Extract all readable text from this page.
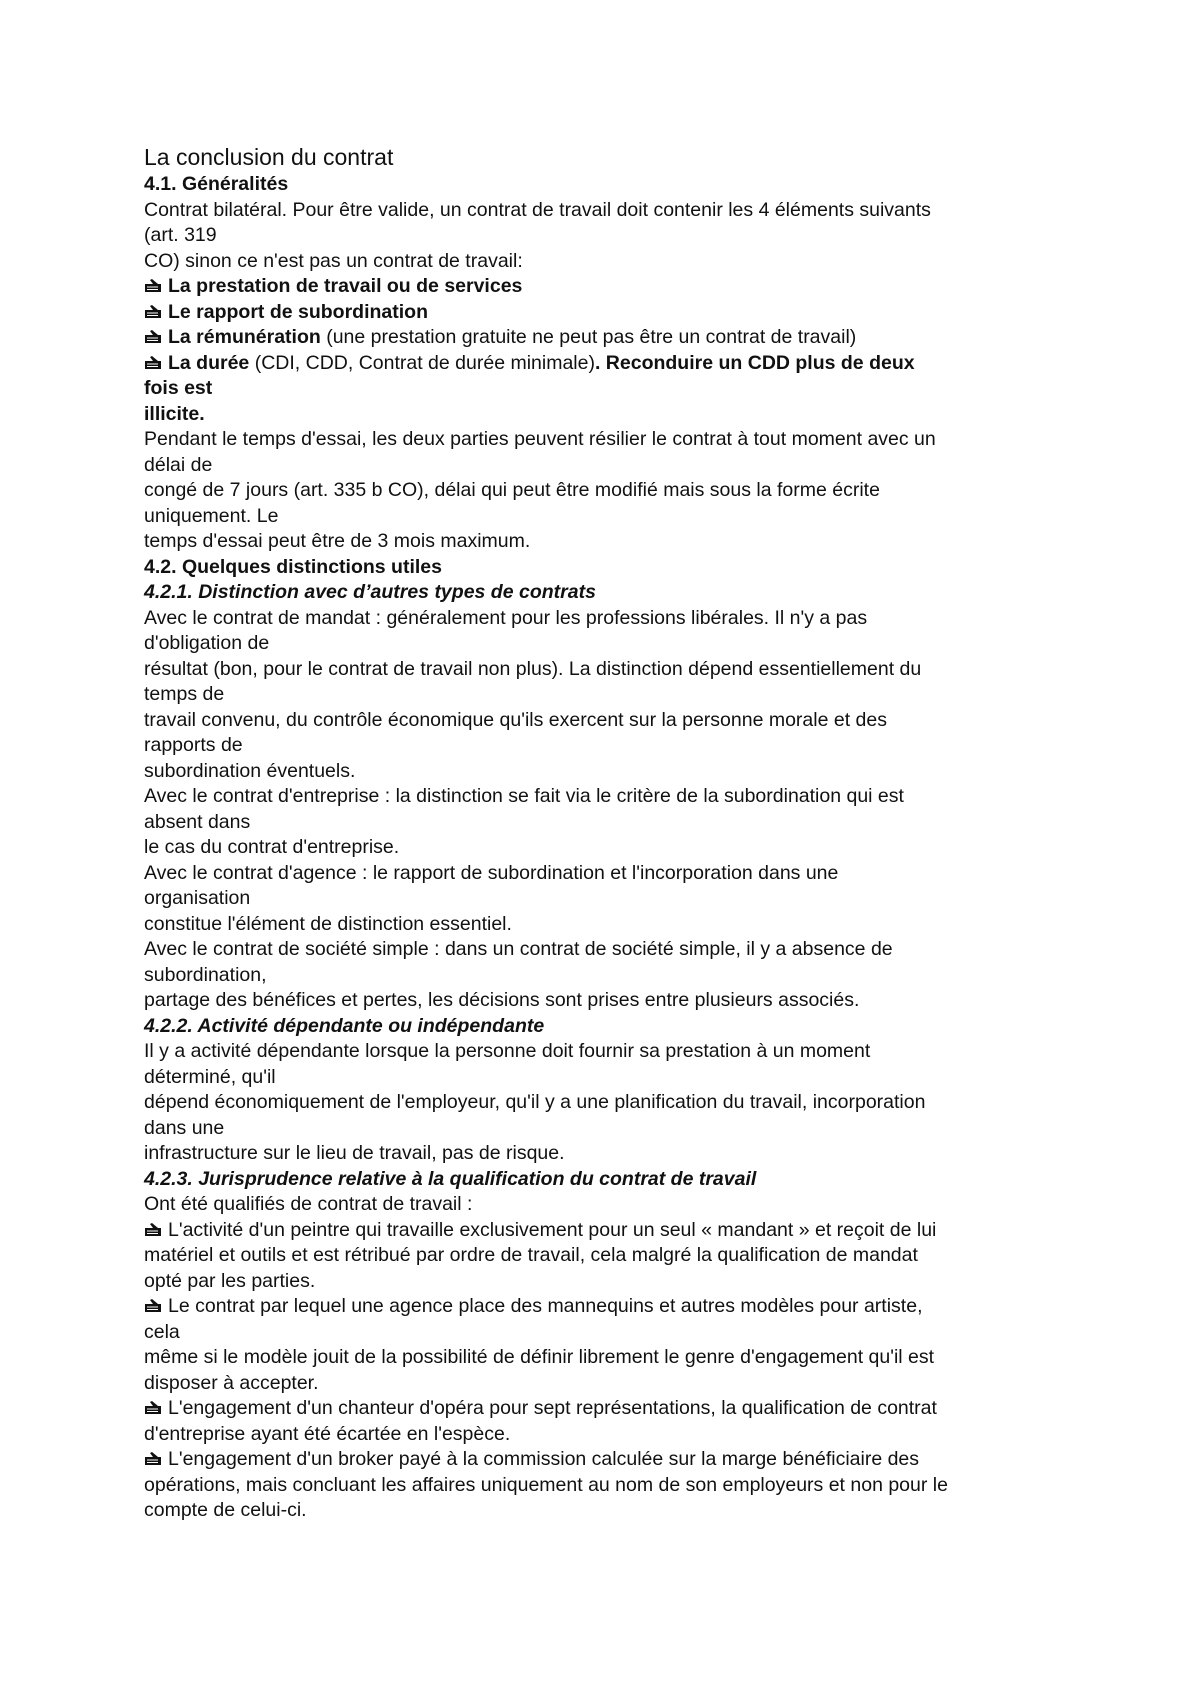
La conclusion du contrat
4.1. Généralités
Contrat bilatéral. Pour être valide, un contrat de travail doit contenir les 4 éléments suivants
(art. 319
CO) sinon ce n'est pas un contrat de travail:
La prestation de travail ou de services
Le rapport de subordination
La rémunération (une prestation gratuite ne peut pas être un contrat de travail)
La durée (CDI, CDD, Contrat de durée minimale). Reconduire un CDD plus de deux
fois est
illicite.
Pendant le temps d'essai, les deux parties peuvent résilier le contrat à tout moment avec un
délai de
congé de 7 jours (art. 335 b CO), délai qui peut être modifié mais sous la forme écrite
uniquement. Le
temps d'essai peut être de 3 mois maximum.
4.2. Quelques distinctions utiles
4.2.1. Distinction avec d’autres types de contrats
Avec le contrat de mandat : généralement pour les professions libérales. Il n'y a pas
d'obligation de
résultat (bon, pour le contrat de travail non plus). La distinction dépend essentiellement du
temps de
travail convenu, du contrôle économique qu'ils exercent sur la personne morale et des
rapports de
subordination éventuels.
Avec le contrat d'entreprise : la distinction se fait via le critère de la subordination qui est
absent dans
le cas du contrat d'entreprise.
Avec le contrat d'agence : le rapport de subordination et l'incorporation dans une
organisation
constitue l'élément de distinction essentiel.
Avec le contrat de société simple : dans un contrat de société simple, il y a absence de
subordination,
partage des bénéfices et pertes, les décisions sont prises entre plusieurs associés.
4.2.2. Activité dépendante ou indépendante
Il y a activité dépendante lorsque la personne doit fournir sa prestation à un moment
déterminé, qu'il
dépend économiquement de l'employeur, qu'il y a une planification du travail, incorporation
dans une
infrastructure sur le lieu de travail, pas de risque.
4.2.3. Jurisprudence relative à la qualification du contrat de travail
Ont été qualifiés de contrat de travail :
L'activité d'un peintre qui travaille exclusivement pour un seul « mandant » et reçoit de lui
matériel et outils et est rétribué par ordre de travail, cela malgré la qualification de mandat
opté par les parties.
Le contrat par lequel une agence place des mannequins et autres modèles pour artiste,
cela
même si le modèle jouit de la possibilité de définir librement le genre d'engagement qu'il est
disposer à accepter.
L'engagement d'un chanteur d'opéra pour sept représentations, la qualification de contrat
d'entreprise ayant été écartée en l'espèce.
L'engagement d'un broker payé à la commission calculée sur la marge bénéficiaire des
opérations, mais concluant les affaires uniquement au nom de son employeurs et non pour le
compte de celui-ci.
